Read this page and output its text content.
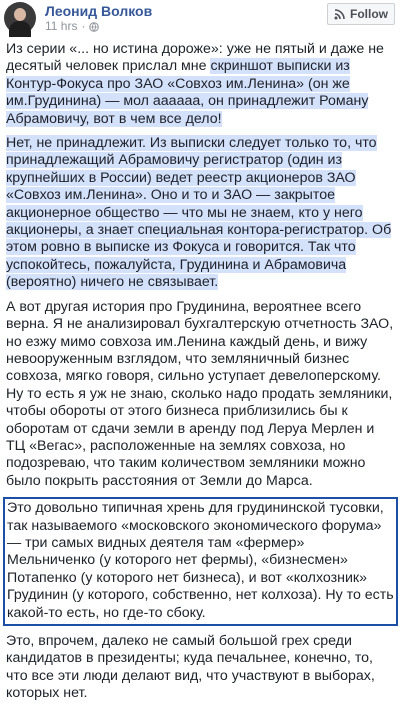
Леонид Волков
11 hrs ·
Follow

Из серии «... но истина дороже»: уже не пятый и даже не десятый человек прислал мне скриншот выписки из Контур-Фокуса про ЗАО «Совхоз им.Ленина» (он же им.Грудинина) — мол аааааа, он принадлежит Роману Абрамовичу, вот в чем все дело!

Нет, не принадлежит. Из выписки следует только то, что принадлежащий Абрамовичу регистратор (один из крупнейших в России) ведет реестр акционеров ЗАО «Совхоз им.Ленина». Оно и то и ЗАО — закрытое акционерное общество — что мы не знаем, кто у него акционеры, а знает специальная контора-регистратор. Об этом ровно в выписке из Фокуса и говорится. Так что успокойтесь, пожалуйста, Грудинина и Абрамовича (вероятно) ничего не связывает.

А вот другая история про Грудинина, вероятнее всего верна. Я не анализировал бухгалтерскую отчетность ЗАО, но езжу мимо совхоза им.Ленина каждый день, и вижу невооруженным взглядом, что земляничный бизнес совхоза, мягко говоря, сильно уступает девелоперскому. Ну то есть я уж не знаю, сколько надо продать земляники, чтобы обороты от этого бизнеса приблизились бы к оборотам от сдачи земли в аренду под Леруа Мерлен и ТЦ «Вегас», расположенные на землях совхоза, но подозреваю, что таким количеством земляники можно было покрыть расстояния от Земли до Марса.

Это довольно типичная хрень для грудининской тусовки, так называемого «московского экономического форума» — три самых видных деятеля там «фермер» Мельниченко (у которого нет фермы), «бизнесмен» Потапенко (у которого нет бизнеса), и вот «колхозник» Грудинин (у которого, собственно, нет колхоза). Ну то есть какой-то есть, но где-то сбоку.

Это, впрочем, далеко не самый большой грех среди кандидатов в президенты; куда печальнее, конечно, то, что все эти люди делают вид, что участвуют в выборах, которых нет.
